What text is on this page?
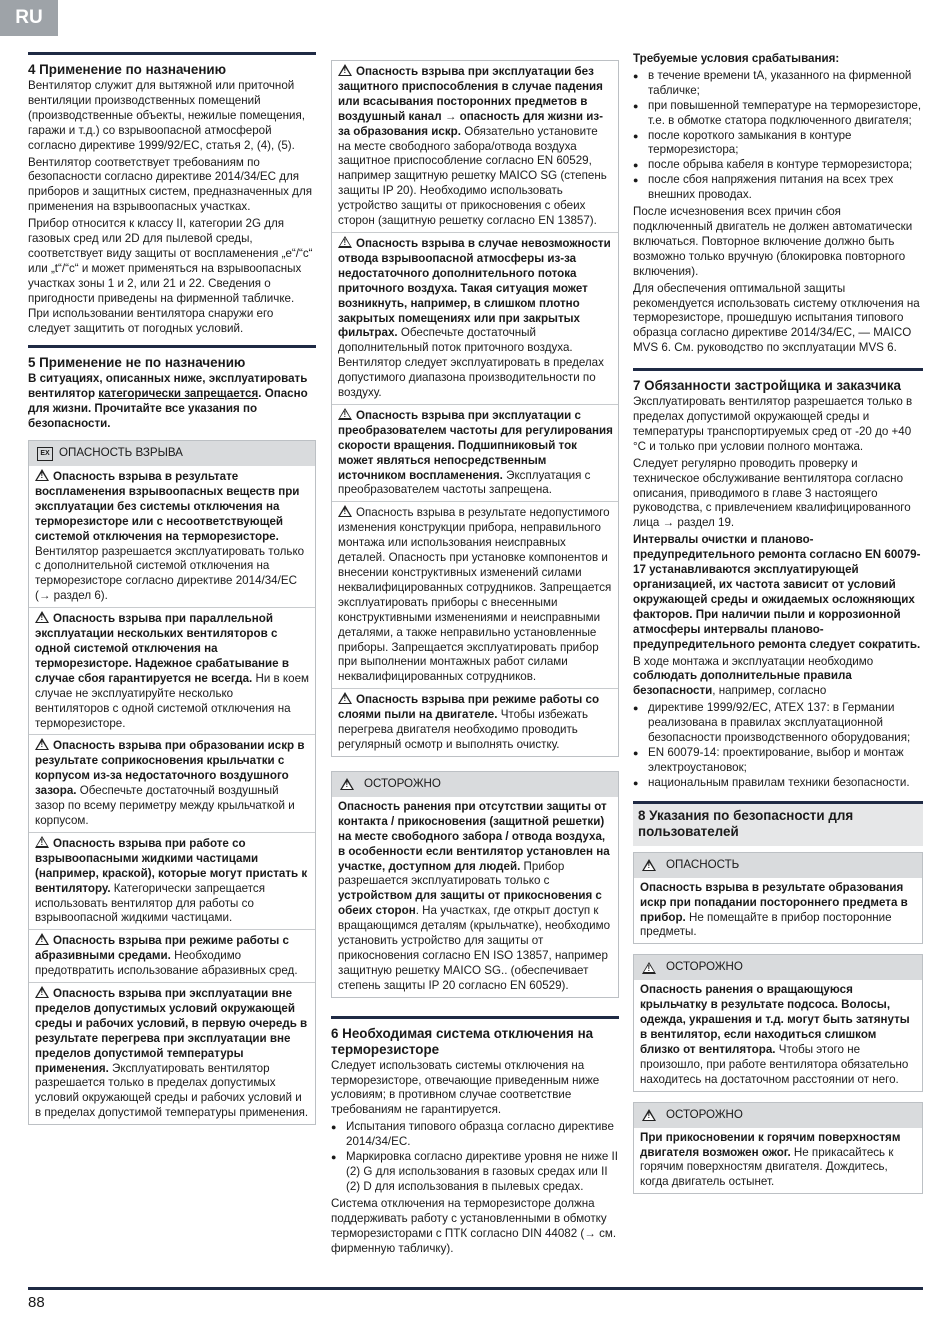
RU
4 Применение по назначению

Вентилятор служит для вытяжной или приточной вентиляции производственных помещений (производственные объекты, нежилые помещения, гаражи и т.д.) со взрывоопасной атмосферой согласно директиве 1999/92/ЕС, статья 2, (4), (5).

Вентилятор соответствует требованиям по безопасности согласно директиве 2014/34/ЕС для приборов и защитных систем, предназначенных для применения на взрывоопасных участках.

Прибор относится к классу II, категории 2G для газовых сред или 2D для пылевой среды, соответствует виду защиты от воспламенения „e“/“c“ или „t“/“c“ и может применяться на взрывоопасных участках зоны 1 и 2, или 21 и 22. Сведения о пригодности приведены на фирменной табличке. При использовании вентилятора снаружи его следует защитить от погодных условий.

5 Применение не по назначению

В ситуациях, описанных ниже, эксплуатировать вентилятор категорически запрещается. Опасно для жизни. Прочитайте все указания по безопасности.

EX ОПАСНОСТЬ ВЗРЫВА
!Опасность взрыва в результате воспламенения взрывоопасных веществ при эксплуатации без системы отключения на терморезисторе или с несоответствующей системой отключения на терморезисторе. Вентилятор разрешается эксплуатировать только с дополнительной системой отключения на терморезисторе согласно директиве 2014/34/ЕС (→ раздел 6).
!Опасность взрыва при параллельной эксплуатации нескольких вентиляторов с одной системой отключения на терморезисторе. Надежное срабатывание в случае сбоя гарантируется не всегда. Ни в коем случае не эксплуатируйте несколько вентиляторов с одной системой отключения на терморезисторе.
!Опасность взрыва при образовании искр в результате соприкосновения крыльчатки с корпусом из-за недостаточного воздушного зазора. Обеспечьте достаточный воздушный зазор по всему периметру между крыльчаткой и корпусом.
!Опасность взрыва при работе со взрывоопасными жидкими частицами (например, краской), которые могут пристать к вентилятору. Категорически запрещается использовать вентилятор для работы со взрывоопасной жидкими частицами.
!Опасность взрыва при режиме работы с абразивными средами. Необходимо предотвратить использование абразивных сред.
!Опасность взрыва при эксплуатации вне пределов допустимых условий окружающей среды и рабочих условий, в первую очередь в результате перегрева при эксплуатации вне пределов допустимой температуры применения. Эксплуатировать вентилятор разрешается только в пределах допустимых условий окружающей среды и рабочих условий и в пределах допустимой температуры применения.
!Опасность взрыва при эксплуатации без защитного приспособления в случае падения или всасывания посторонних предметов в воздушный канал → опасность для жизни из-за образования искр. Обязательно установите на месте свободного забора/отвода воздуха защитное приспособление согласно EN 60529, например защитную решетку MAICO SG (степень защиты IP 20). Необходимо использовать устройство защиты от прикосновения с обеих сторон (защитную решетку согласно EN 13857).
!Опасность взрыва в случае невозможности отвода взрывоопасной атмосферы из-за недостаточного дополнительного потока приточного воздуха. Такая ситуация может возникнуть, например, в слишком плотно закрытых помещениях или при закрытых фильтрах. Обеспечьте достаточный дополнительный поток приточного воздуха. Вентилятор следует эксплуатировать в пределах допустимого диапазона производительности по воздуху.
!Опасность взрыва при эксплуатации с преобразователем частоты для регулирования скорости вращения. Подшипниковый ток может являться непосредственным источником воспламенения. Эксплуатация с преобразователем частоты запрещена.
!Опасность взрыва в результате недопустимого изменения конструкции прибора, неправильного монтажа или использования неисправных деталей. Опасность при установке компонентов и внесении конструктивных изменений силами неквалифицированных сотрудников. Запрещается эксплуатировать приборы с внесенными конструктивными изменениями и неисправными деталями, а также неправильно установленные приборы. Запрещается эксплуатировать прибор при выполнении монтажных работ силами неквалифицированных сотрудников.
!Опасность взрыва при режиме работы со слоями пыли на двигателе. Чтобы избежать перегрева двигателя необходимо проводить регулярный осмотр и выполнять очистку.
!
ОСТОРОЖНО
Опасность ранения при отсутствии защиты от контакта / прикосновения (защитной решетки) на месте свободного забора / отвода воздуха, в особенности если вентилятор установлен на участке, доступном для людей. Прибор разрешается эксплуатировать только с устройством для защиты от прикосновения с обеих сторон. На участках, где открыт доступ к вращающимся деталям (крыльчатке), необходимо установить устройство для защиты от прикосновения согласно EN ISO 13857, например защитную решетку MAICO SG.. (обеспечивает степень защиты IP 20 согласно EN 60529).
6 Необходимая система отключения на терморезисторе

Следует использовать системы отключения на терморезисторе, отвечающие приведенным ниже условиям; в противном случае соответствие требованиям не гарантируется.

● Испытания типового образца согласно директиве 2014/34/ЕС.
● Маркировка согласно директиве уровня не ниже II (2) G для использования в газовых средах или II (2) D для использования в пылевых средах.

Система отключения на терморезисторе должна поддерживать работу с установленными в обмотку терморезисторами с ПТК согласно DIN 44082 (→ см. фирменную табличку).

Требуемые условия срабатывания:

● в течение времени tA, указанного на фирменной табличке;
● при повышенной температуре на терморезисторе, т.е. в обмотке статора подключенного двигателя;
● после короткого замыкания в контуре терморезистора;
● после обрыва кабеля в контуре терморезистора;
● после сбоя напряжения питания на всех трех внешних проводах.

После исчезновения всех причин сбоя подключенный двигатель не должен автоматически включаться. Повторное включение должно быть возможно только вручную (блокировка повторного включения).

Для обеспечения оптимальной защиты рекомендуется использовать систему отключения на терморезисторе, прошедшую испытания типового образца согласно директиве 2014/34/ЕС, — MAICO MVS 6. См. руководство по эксплуатации MVS 6.

7 Обязанности застройщика и заказчика

Эксплуатировать вентилятор разрешается только в пределах допустимой окружающей среды и температуры транспортируемых сред от -20 до +40 °C и только при условии полного монтажа.

Следует регулярно проводить проверку и техническое обслуживание вентилятора согласно описания, приводимого в главе 3 настоящего руководства, с привлечением квалифицированного лица → раздел 19.

Интервалы очистки и планово-предупредительного ремонта согласно EN 60079-17 устанавливаются эксплуатирующей организацией, их частота зависит от условий окружающей среды и ожидаемых осложняющих факторов. При наличии пыли и коррозионной атмосферы интервалы планово-предупредительного ремонта следует сократить.

В ходе монтажа и эксплуатации необходимо соблюдать дополнительные правила безопасности, например, согласно

● директиве 1999/92/ЕС, ATEX 137: в Германии реализована в правилах эксплуатационной безопасности производственного оборудования;
● EN 60079-14: проектирование, выбор и монтаж электроустановок;
● национальным правилам техники безопасности.
8 Указания по безопасности для пользователей
!
ОПАСНОСТЬ
Опасность взрыва в результате образования искр при попадании постороннего предмета в прибор. Не помещайте в прибор посторонние предметы.
!
ОСТОРОЖНО
Опасность ранения о вращающуюся крыльчатку в результате подсоса. Волосы, одежда, украшения и т.д. могут быть затянуты в вентилятор, если находиться слишком близко от вентилятора. Чтобы этого не произошло, при работе вентилятора обязательно находитесь на достаточном расстоянии от него.
!
ОСТОРОЖНО
При прикосновении к горячим поверхностям двигателя возможен ожог. Не прикасайтесь к горячим поверхностям двигателя. Дождитесь, когда двигатель остынет.
88
